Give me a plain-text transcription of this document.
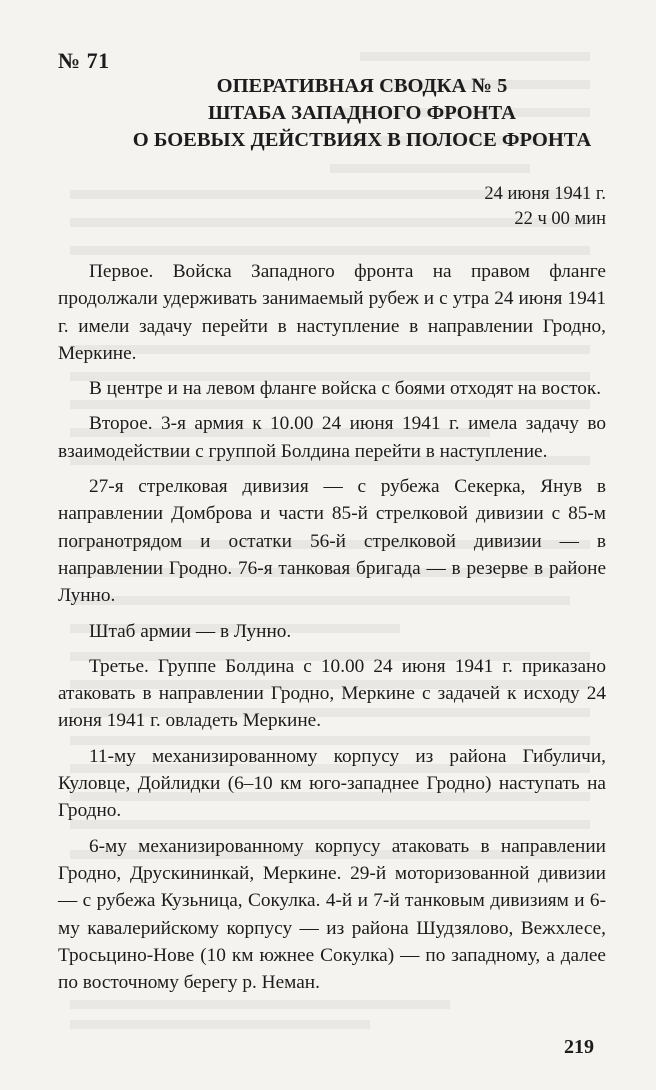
№ 71
ОПЕРАТИВНАЯ СВОДКА № 5
ШТАБА ЗАПАДНОГО ФРОНТА
О БОЕВЫХ ДЕЙСТВИЯХ В ПОЛОСЕ ФРОНТА
24 июня 1941 г.
22 ч 00 мин

Первое. Войска Западного фронта на правом фланге продолжали удерживать занимаемый рубеж и с утра 24 июня 1941 г. имели задачу перейти в наступление в направлении Гродно, Меркине.

В центре и на левом фланге войска с боями отходят на восток.

Второе. 3-я армия к 10.00 24 июня 1941 г. имела задачу во взаимодействии с группой Болдина перейти в наступление.

27-я стрелковая дивизия — с рубежа Секерка, Янув в направлении Домброва и части 85-й стрелковой дивизии с 85-м погранотрядом и остатки 56-й стрелковой дивизии — в направлении Гродно. 76-я танковая бригада — в резерве в районе Лунно.

Штаб армии — в Лунно.

Третье. Группе Болдина с 10.00 24 июня 1941 г. приказано атаковать в направлении Гродно, Меркине с задачей к исходу 24 июня 1941 г. овладеть Меркине.

11-му механизированному корпусу из района Гибуличи, Куловце, Дойлидки (6–10 км юго-западнее Гродно) наступать на Гродно.

6-му механизированному корпусу атаковать в направлении Гродно, Друскининкай, Меркине. 29-й моторизованной дивизии — с рубежа Кузьница, Сокулка. 4-й и 7-й танковым дивизиям и 6-му кавалерийскому корпусу — из района Шудзялово, Вежхлесе, Тросьцино-Нове (10 км южнее Сокулка) — по западному, а далее по восточному берегу р. Неман.

219
